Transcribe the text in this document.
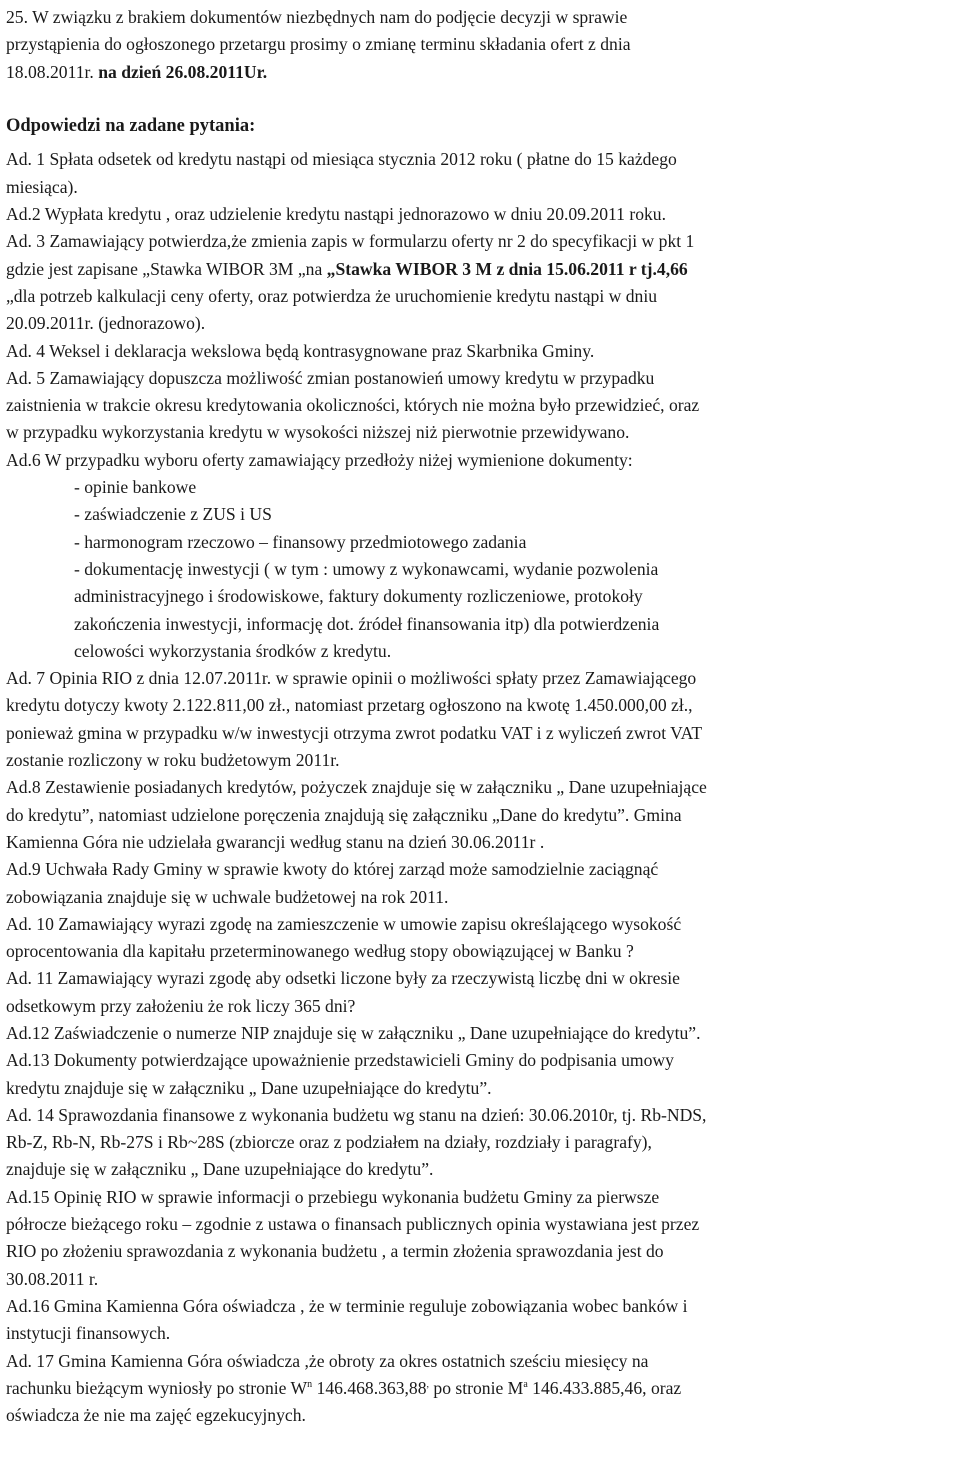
25. W związku z brakiem dokumentów niezbędnych nam do podjęcie decyzji w sprawie
przystąpienia do ogłoszonego przetargu prosimy o zmianę terminu składania ofert z dnia
18.08.2011r. na dzień 26.08.2011Ur.
Odpowiedzi na zadane pytania:
Ad. 1 Spłata odsetek od kredytu nastąpi od miesiąca stycznia 2012 roku ( płatne do 15 każdego
miesiąca).
Ad.2 Wypłata kredytu , oraz udzielenie kredytu nastąpi jednorazowo w dniu 20.09.2011 roku.
Ad. 3 Zamawiający potwierdza,że zmienia zapis w formularzu oferty nr 2 do specyfikacji w pkt 1
gdzie jest zapisane „Stawka WIBOR 3M „na „Stawka WIBOR 3 M z dnia 15.06.2011 r tj.4,66
„dla potrzeb kalkulacji ceny oferty, oraz potwierdza że uruchomienie kredytu nastąpi w dniu
20.09.2011r. (jednorazowo).
Ad. 4 Weksel i deklaracja wekslowa będą kontrasygnowane praz Skarbnika Gminy.
Ad. 5 Zamawiający dopuszcza możliwość zmian postanowień umowy kredytu w przypadku
zaistnienia w trakcie okresu kredytowania okoliczności, których nie można było przewidzieć, oraz
w przypadku wykorzystania kredytu w wysokości niższej niż pierwotnie przewidywano.
Ad.6 W przypadku wyboru oferty zamawiający przedłoży niżej wymienione dokumenty:
- opinie bankowe
- zaświadczenie z ZUS i US
- harmonogram rzeczowo – finansowy przedmiotowego zadania
- dokumentację inwestycji ( w tym : umowy z wykonawcami, wydanie pozwolenia
administracyjnego i środowiskowe, faktury dokumenty rozliczeniowe, protokoły
zakończenia inwestycji, informację dot. źródeł finansowania itp) dla potwierdzenia
celowości wykorzystania środków z kredytu.
Ad. 7 Opinia RIO z dnia 12.07.2011r. w sprawie opinii o możliwości spłaty przez Zamawiającego
kredytu dotyczy kwoty 2.122.811,00 zł., natomiast przetarg ogłoszono na kwotę 1.450.000,00 zł.,
ponieważ gmina w przypadku w/w inwestycji otrzyma zwrot podatku VAT i z wyliczeń zwrot VAT
zostanie rozliczony w roku budżetowym 2011r.
Ad.8 Zestawienie posiadanych kredytów, pożyczek znajduje się w załączniku „ Dane uzupełniające
do kredytu”, natomiast udzielone poręczenia znajdują się załączniku „Dane do kredytu”. Gmina
Kamienna Góra nie udzielała gwarancji według stanu na dzień 30.06.2011r .
Ad.9 Uchwała Rady Gminy w sprawie kwoty do której zarząd może samodzielnie zaciągnąć
zobowiązania znajduje się w uchwale budżetowej na rok 2011.
Ad. 10 Zamawiający wyrazi zgodę na zamieszczenie w umowie zapisu określającego wysokość
oprocentowania dla kapitału przeterminowanego według stopy obowiązującej w Banku ?
Ad. 11 Zamawiający wyrazi zgodę aby odsetki liczone były za rzeczywistą liczbę dni w okresie
odsetkowym przy założeniu że rok liczy 365 dni?
Ad.12 Zaświadczenie o numerze NIP znajduje się w załączniku „ Dane uzupełniające do kredytu”.
Ad.13 Dokumenty potwierdzające upoważnienie przedstawicieli Gminy do podpisania umowy
kredytu znajduje się w załączniku „ Dane uzupełniające do kredytu”.
Ad. 14 Sprawozdania finansowe z wykonania budżetu wg stanu na dzień: 30.06.2010r, tj. Rb-NDS,
Rb-Z, Rb-N, Rb-27S i Rb~28S (zbiorcze oraz z podziałem na działy, rozdziały i paragrafy),
znajduje się w załączniku „ Dane uzupełniające do kredytu”.
Ad.15 Opinię RIO w sprawie informacji o przebiegu wykonania budżetu Gminy za pierwsze
półrocze bieżącego roku – zgodnie z ustawa o finansach publicznych opinia wystawiana jest przez
RIO po złożeniu sprawozdania z wykonania budżetu , a termin złożenia sprawozdania jest do
30.08.2011 r.
Ad.16 Gmina Kamienna Góra oświadcza , że w terminie reguluje zobowiązania wobec banków i
instytucji finansowych.
Ad. 17 Gmina Kamienna Góra oświadcza ,że obroty za okres ostatnich sześciu miesięcy na
rachunku bieżącym wyniosły po stronie $W^n$ 146.468.363,88, po stronie $M^a$ 146.433.885,46, oraz
oświadcza że nie ma zajęć egzekucyjnych.
